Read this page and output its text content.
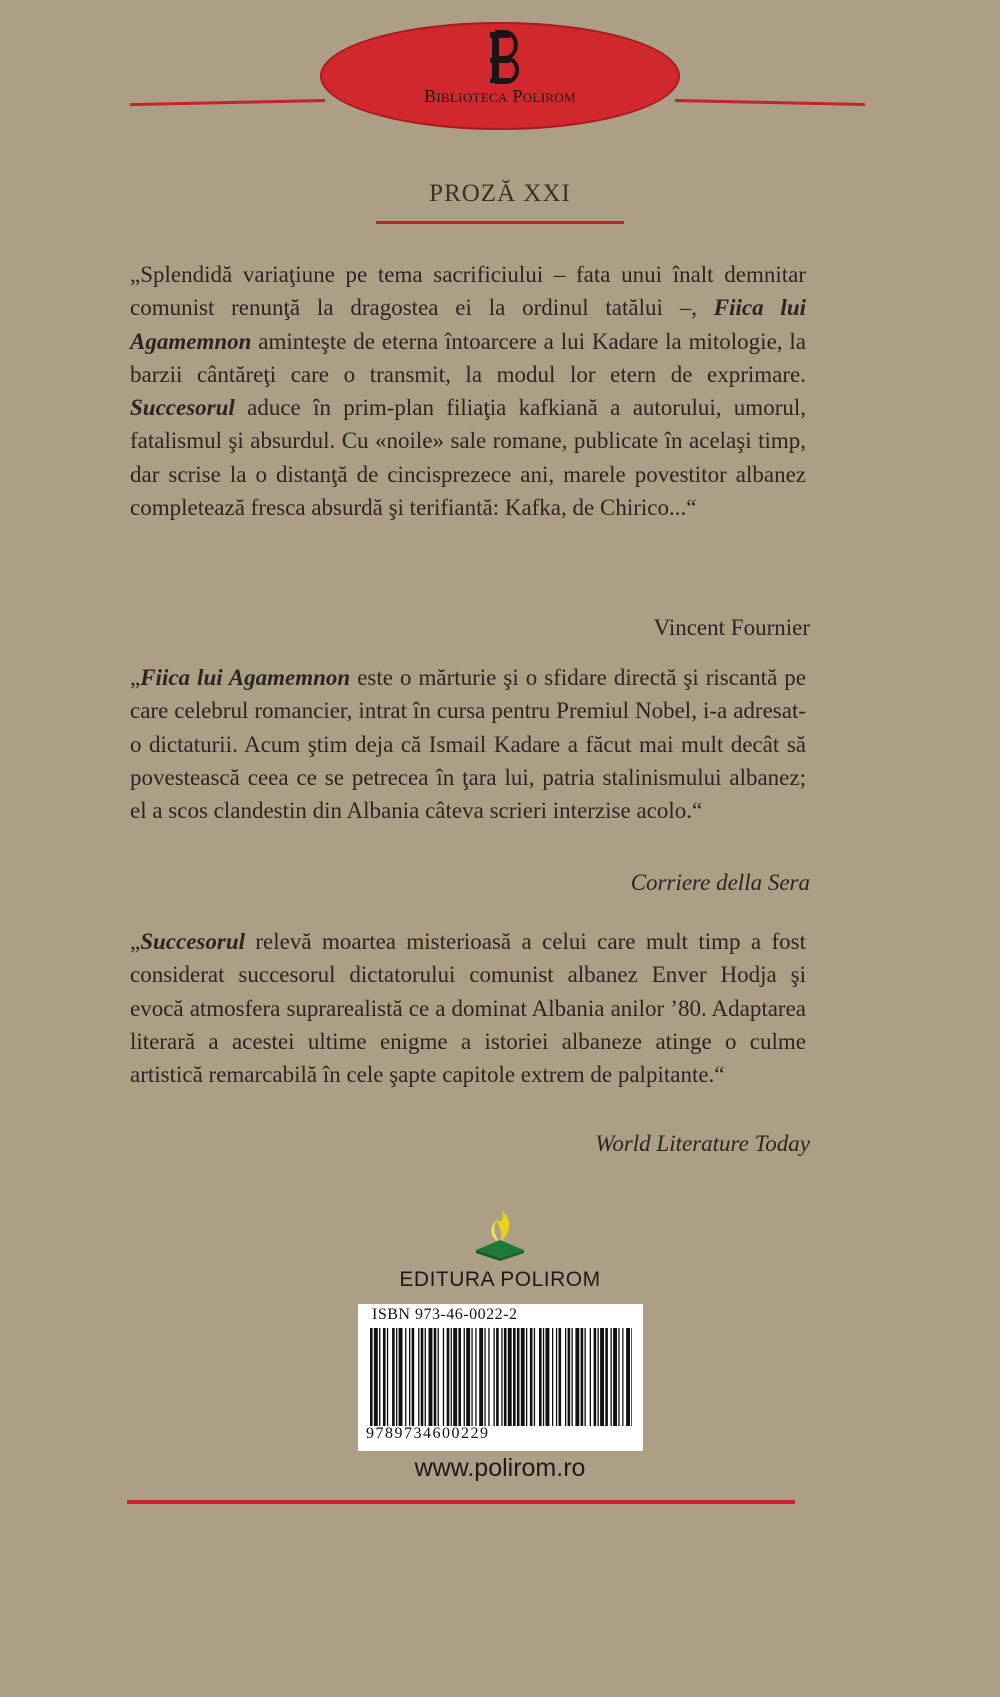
Biblioteca Polirom
PROZĂ XXI
„Splendidă variaţiune pe tema sacrificiului – fata unui înalt demnitar comunist renunţă la dragostea ei la ordinul tatălui –, Fiica lui Agamemnon aminteşte de eterna întoarcere a lui Kadare la mitologie, la barzii cântăreţi care o transmit, la modul lor etern de exprimare. Succesorul aduce în prim-plan filiaţia kafkiană a autorului, umorul, fatalismul şi absurdul. Cu «noile» sale romane, publicate în acelaşi timp, dar scrise la o distanţă de cincisprezece ani, marele povestitor albanez completează fresca absurdă şi terifiantă: Kafka, de Chirico...“
Vincent Fournier
„Fiica lui Agamemnon este o mărturie şi o sfidare directă şi riscantă pe care celebrul romancier, intrat în cursa pentru Premiul Nobel, i-a adresat-o dictaturii. Acum ştim deja că Ismail Kadare a făcut mai mult decât să povestească ceea ce se petrecea în ţara lui, patria stalinismului albanez; el a scos clandestin din Albania câteva scrieri interzise acolo.“
Corriere della Sera
„Succesorul relevă moartea misterioasă a celui care mult timp a fost considerat succesorul dictatorului comunist albanez Enver Hodja şi evocă atmosfera suprarealistă ce a dominat Albania anilor ’80. Adaptarea literară a acestei ultime enigme a istoriei albaneze atinge o culme artistică remarcabilă în cele şapte capitole extrem de palpitante.“
World Literature Today
EDITURA POLIROM
ISBN 973-46-0022-2
9789734600229
www.polirom.ro
